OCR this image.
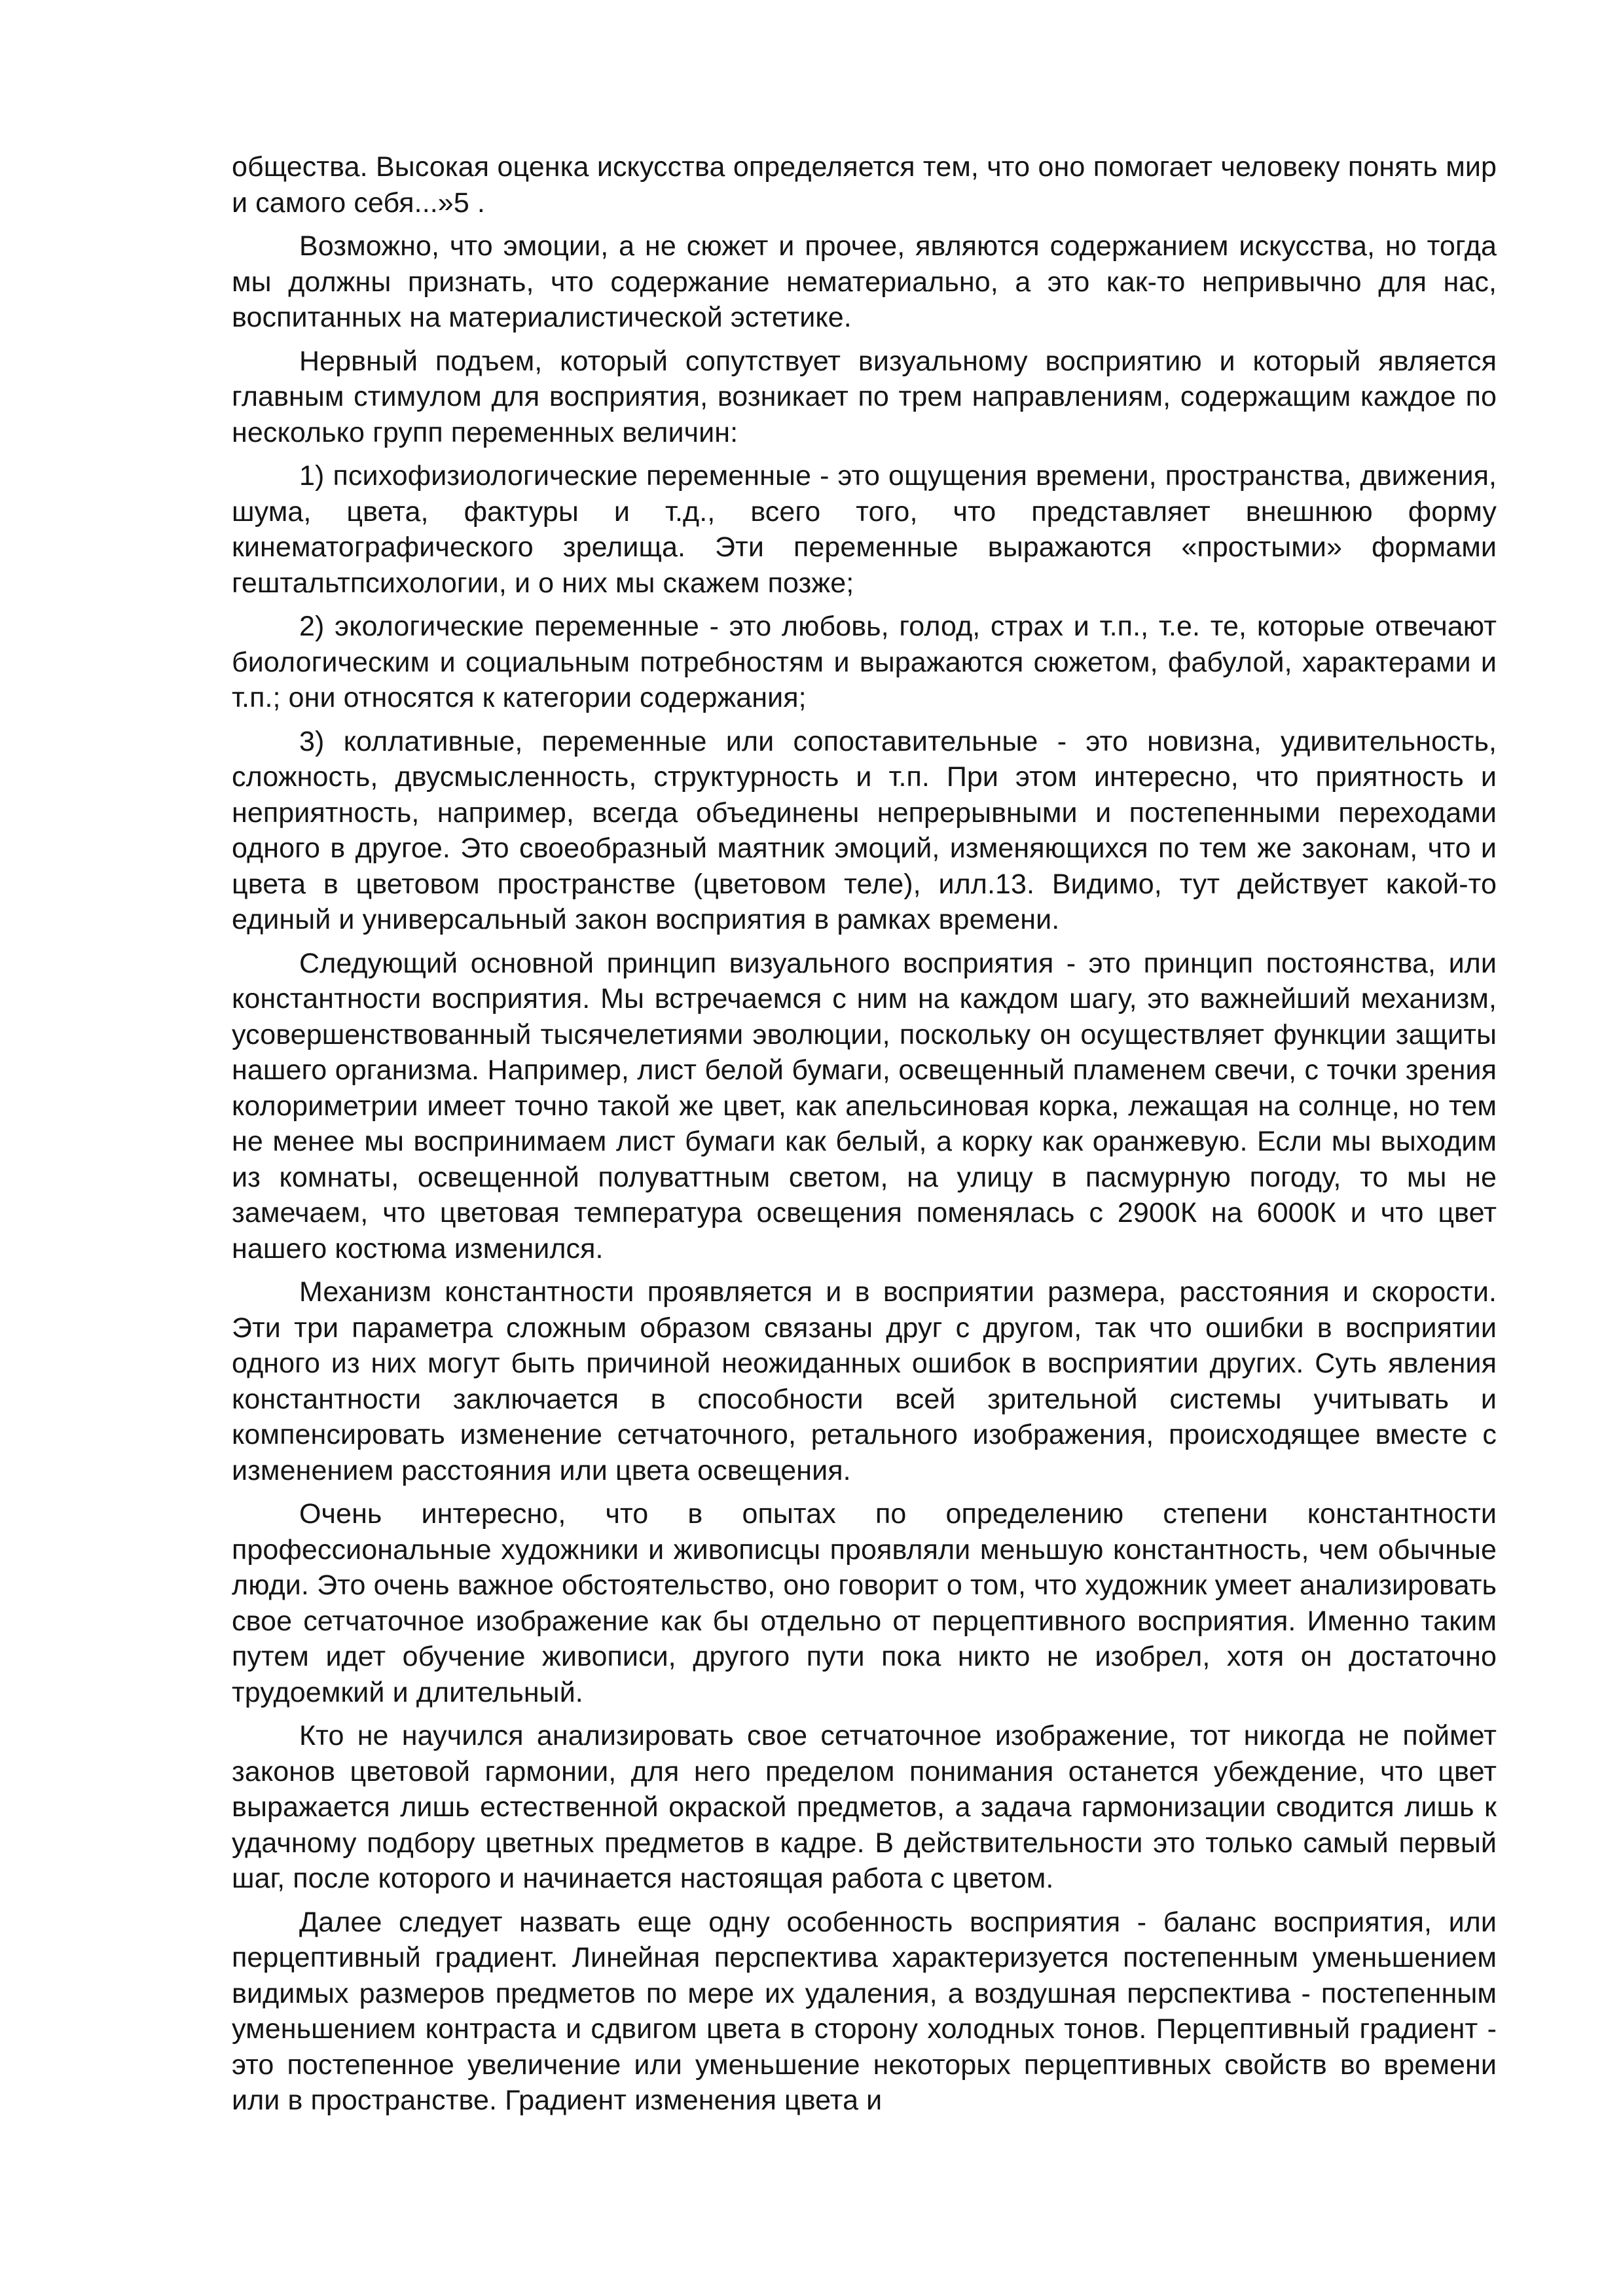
общества. Высокая оценка искусства определяется тем, что оно помогает человеку понять мир и самого себя...»5 .

Возможно, что эмоции, а не сюжет и прочее, являются содержанием искусства, но тогда мы должны признать, что содержание нематериально, а это как-то непривычно для нас, воспитанных на материалистической эстетике.

Нервный подъем, который сопутствует визуальному восприятию и который является главным стимулом для восприятия, возникает по трем направлениям, содержащим каждое по несколько групп переменных величин:

1) психофизиологические переменные - это ощущения времени, пространства, движения, шума, цвета, фактуры и т.д., всего того, что представляет внешнюю форму кинематографического зрелища. Эти переменные выражаются «простыми» формами гештальтпсихологии, и о них мы скажем позже;

2) экологические переменные - это любовь, голод, страх и т.п., т.е. те, которые отвечают биологическим и социальным потребностям и выражаются сюжетом, фабулой, характерами и т.п.; они относятся к категории содержания;

3) коллативные, переменные или сопоставительные - это новизна, удивительность, сложность, двусмысленность, структурность и т.п. При этом интересно, что приятность и неприятность, например, всегда объединены непрерывными и постепенными переходами одного в другое. Это своеобразный маятник эмоций, изменяющихся по тем же законам, что и цвета в цветовом пространстве (цветовом теле), илл.13. Видимо, тут действует какой-то единый и универсальный закон восприятия в рамках времени.

Следующий основной принцип визуального восприятия - это принцип постоянства, или константности восприятия. Мы встречаемся с ним на каждом шагу, это важнейший механизм, усовершенствованный тысячелетиями эволюции, поскольку он осуществляет функции защиты нашего организма. Например, лист белой бумаги, освещенный пламенем свечи, с точки зрения колориметрии имеет точно такой же цвет, как апельсиновая корка, лежащая на солнце, но тем не менее мы воспринимаем лист бумаги как белый, а корку как оранжевую. Если мы выходим из комнаты, освещенной полуваттным светом, на улицу в пасмурную погоду, то мы не замечаем, что цветовая температура освещения поменялась с 2900К на 6000К и что цвет нашего костюма изменился.

Механизм константности проявляется и в восприятии размера, расстояния и скорости. Эти три параметра сложным образом связаны друг с другом, так что ошибки в восприятии одного из них могут быть причиной неожиданных ошибок в восприятии других. Суть явления константности заключается в способности всей зрительной системы учитывать и компенсировать изменение сетчаточного, ретального изображения, происходящее вместе с изменением расстояния или цвета освещения.

Очень интересно, что в опытах по определению степени константности профессиональные художники и живописцы проявляли меньшую константность, чем обычные люди. Это очень важное обстоятельство, оно говорит о том, что художник умеет анализировать свое сетчаточное изображение как бы отдельно от перцептивного восприятия. Именно таким путем идет обучение живописи, другого пути пока никто не изобрел, хотя он достаточно трудоемкий и длительный.

Кто не научился анализировать свое сетчаточное изображение, тот никогда не поймет законов цветовой гармонии, для него пределом понимания останется убеждение, что цвет выражается лишь естественной окраской предметов, а задача гармонизации сводится лишь к удачному подбору цветных предметов в кадре. В действительности это только самый первый шаг, после которого и начинается настоящая работа с цветом.

Далее следует назвать еще одну особенность восприятия - баланс восприятия, или перцептивный градиент. Линейная перспектива характеризуется постепенным уменьшением видимых размеров предметов по мере их удаления, а воздушная перспектива - постепенным уменьшением контраста и сдвигом цвета в сторону холодных тонов. Перцептивный градиент - это постепенное увеличение или уменьшение некоторых перцептивных свойств во времени или в пространстве. Градиент изменения цвета и
